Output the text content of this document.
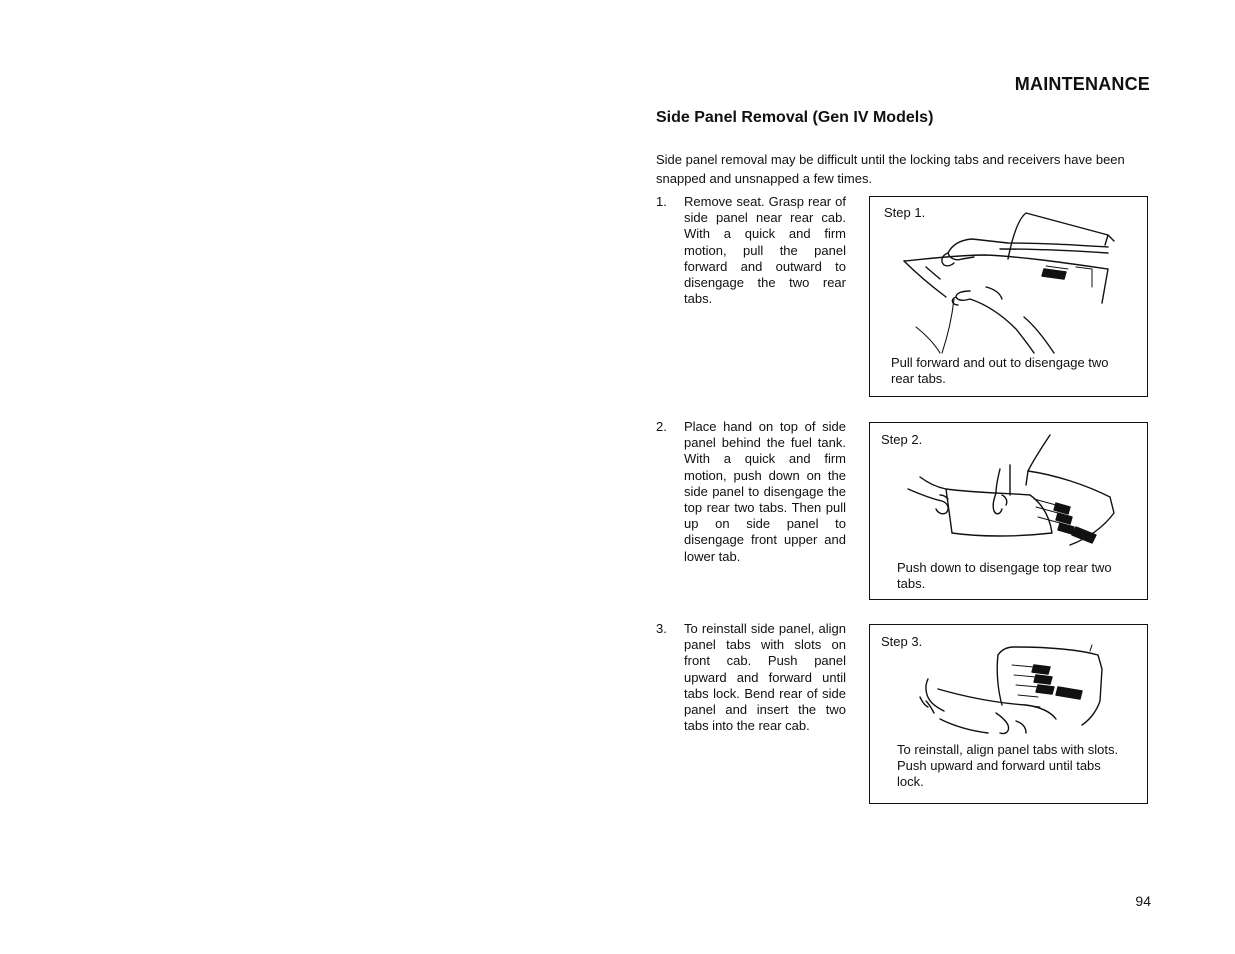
MAINTENANCE
Side Panel Removal (Gen IV Models)
Side panel removal may be difficult until the locking tabs and receivers have been snapped and unsnapped a few times.
1. Remove seat. Grasp rear of side panel near rear cab. With a quick and firm motion, pull the panel forward and outward to disengage the two rear tabs.
Step 1.
Pull forward and out to disengage two rear tabs.
2. Place hand on top of side panel behind the fuel tank. With a quick and firm motion, push down on the side panel to disengage the top rear two tabs. Then pull up on side panel to disengage front upper and lower tab.
Step 2.
Push down to disengage top rear two tabs.
3. To reinstall side panel, align panel tabs with slots on front cab. Push panel upward and forward until tabs lock. Bend rear of side panel and insert the two tabs into the rear cab.
Step 3.
To reinstall, align panel tabs with slots. Push upward and forward until tabs lock.
94
